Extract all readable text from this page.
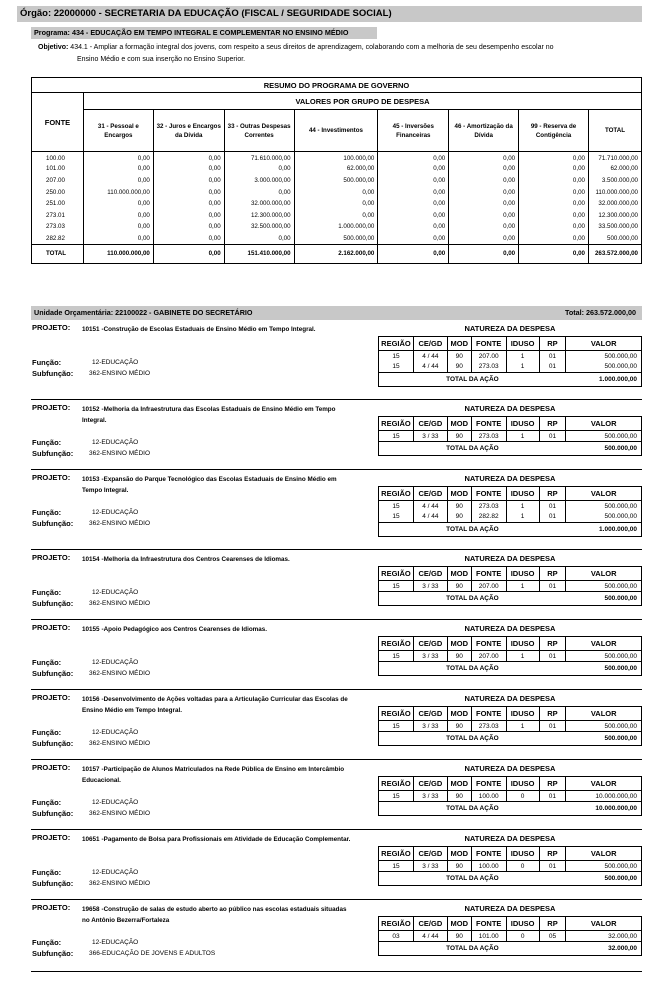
Órgão: 22000000 - SECRETARIA DA EDUCAÇÃO (FISCAL / SEGURIDADE SOCIAL)
Programa: 434 - EDUCAÇÃO EM TEMPO INTEGRAL E COMPLEMENTAR NO ENSINO MÉDIO
Objetivo: 434.1 - Ampliar a formação integral dos jovens, com respeito a seus direitos de aprendizagem, colaborando com a melhoria de seu desempenho escolar no
Ensino Médio e com sua inserção no Ensino Superior.
RESUMO DO PROGRAMA DE GOVERNO								
FONTE	VALORES POR GRUPO DE DESPESA							
	31 - Pessoal e Encargos	32 - Juros e Encargos da Dívida	33 - Outras Despesas Correntes	44 - Investimentos	45 - Inversões Financeiras	46 - Amortização da Dívida	99 - Reserva de Contigência	TOTAL
100.00	0,00	0,00	71.610.000,00	100.000,00	0,00	0,00	0,00	71.710.000,00
101.00	0,00	0,00	0,00	62.000,00	0,00	0,00	0,00	62.000,00
207.00	0,00	0,00	3.000.000,00	500.000,00	0,00	0,00	0,00	3.500.000,00
250.00	110.000.000,00	0,00	0,00	0,00	0,00	0,00	0,00	110.000.000,00
251.00	0,00	0,00	32.000.000,00	0,00	0,00	0,00	0,00	32.000.000,00
273.01	0,00	0,00	12.300.000,00	0,00	0,00	0,00	0,00	12.300.000,00
273.03	0,00	0,00	32.500.000,00	1.000.000,00	0,00	0,00	0,00	33.500.000,00
282.82	0,00	0,00	0,00	500.000,00	0,00	0,00	0,00	500.000,00
TOTAL	110.000.000,00	0,00	151.410.000,00	2.162.000,00	0,00	0,00	0,00	263.572.000,00
Unidade Orçamentária: 22100022 - GABINETE DO SECRETÁRIO	Total: 263.572.000,00
PROJETO: 10151 -Construção de Escolas Estaduais de Ensino Médio em Tempo Integral.
Função:	12-EDUCAÇÃO
Subfunção: 362-ENSINO MÉDIO
NATUREZA DA DESPESA
REGIÃO	CE/GD	MOD	FONTE	IDUSO	RP	VALOR
15	4 / 44	90	207.00	1	01	500.000,00
15	4 / 44	90	273.03	1	01	500.000,00
TOTAL DA AÇÃO						1.000.000,00
PROJETO: 10152 -Melhoria da Infraestrutura das Escolas Estaduais de Ensino Médio em Tempo Integral.
Função:	12-EDUCAÇÃO
Subfunção: 362-ENSINO MÉDIO
NATUREZA DA DESPESA
REGIÃO	CE/GD	MOD	FONTE	IDUSO	RP	VALOR
15	3 / 33	90	273.03	1	01	500.000,00
TOTAL DA AÇÃO						500.000,00
PROJETO: 10153 -Expansão do Parque Tecnológico das Escolas Estaduais de Ensino Médio em Tempo Integral.
Função:	12-EDUCAÇÃO
Subfunção: 362-ENSINO MÉDIO
NATUREZA DA DESPESA
REGIÃO	CE/GD	MOD	FONTE	IDUSO	RP	VALOR
15	4 / 44	90	273.03	1	01	500.000,00
15	4 / 44	90	282.82	1	01	500.000,00
TOTAL DA AÇÃO						1.000.000,00
PROJETO: 10154 -Melhoria da Infraestrutura dos Centros Cearenses de Idiomas.
Função:	12-EDUCAÇÃO
Subfunção: 362-ENSINO MÉDIO
NATUREZA DA DESPESA
REGIÃO	CE/GD	MOD	FONTE	IDUSO	RP	VALOR
15	3 / 33	90	207.00	1	01	500.000,00
TOTAL DA AÇÃO						500.000,00
PROJETO: 10155 -Apoio Pedagógico aos Centros Cearenses de Idiomas.
Função:	12-EDUCAÇÃO
Subfunção: 362-ENSINO MÉDIO
NATUREZA DA DESPESA
REGIÃO	CE/GD	MOD	FONTE	IDUSO	RP	VALOR
15	3 / 33	90	207.00	1	01	500.000,00
TOTAL DA AÇÃO						500.000,00
PROJETO: 10156 -Desenvolvimento de Ações voltadas para a Articulação Curricular das Escolas de Ensino Médio em Tempo Integral.
Função:	12-EDUCAÇÃO
Subfunção: 362-ENSINO MÉDIO
NATUREZA DA DESPESA
REGIÃO	CE/GD	MOD	FONTE	IDUSO	RP	VALOR
15	3 / 33	90	273.03	1	01	500.000,00
TOTAL DA AÇÃO						500.000,00
PROJETO: 10157 -Participação de Alunos Matriculados na Rede Pública de Ensino em Intercâmbio Educacional.
Função:	12-EDUCAÇÃO
Subfunção: 362-ENSINO MÉDIO
NATUREZA DA DESPESA
REGIÃO	CE/GD	MOD	FONTE	IDUSO	RP	VALOR
15	3 / 33	90	100.00	0	01	10.000.000,00
TOTAL DA AÇÃO						10.000.000,00
PROJETO: 10651 -Pagamento de Bolsa para Profissionais em Atividade de Educação Complementar.
Função:	12-EDUCAÇÃO
Subfunção: 362-ENSINO MÉDIO
NATUREZA DA DESPESA
REGIÃO	CE/GD	MOD	FONTE	IDUSO	RP	VALOR
15	3 / 33	90	100.00	0	01	500.000,00
TOTAL DA AÇÃO						500.000,00
PROJETO: 19658 -Construção de salas de estudo aberto ao público nas escolas estaduais situadas no Antônio Bezerra/Fortaleza
Função:	12-EDUCAÇÃO
Subfunção: 366-EDUCAÇÃO DE JOVENS E ADULTOS
NATUREZA DA DESPESA
REGIÃO	CE/GD	MOD	FONTE	IDUSO	RP	VALOR
03	4 / 44	90	101.00	0	05	32.000,00
TOTAL DA AÇÃO						32.000,00
